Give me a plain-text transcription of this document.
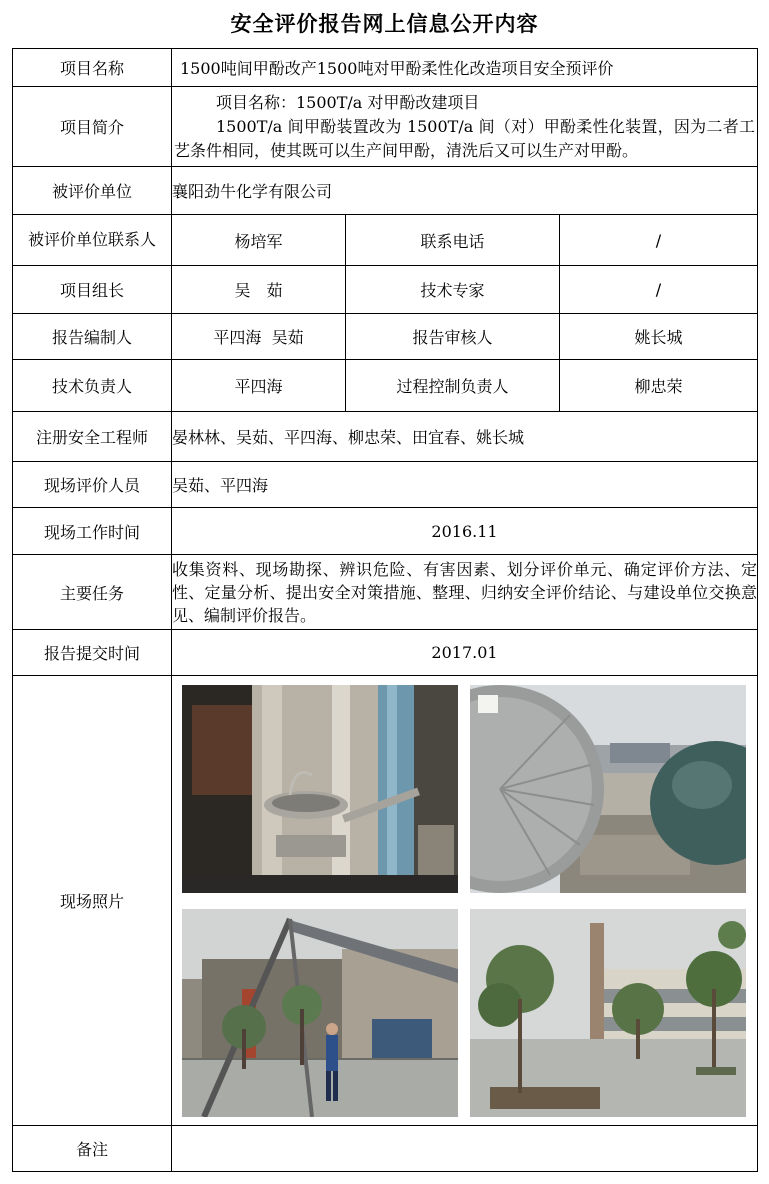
安全评价报告网上信息公开内容
项目名称	1500吨间甲酚改产1500吨对甲酚柔性化改造项目安全预评价		
项目简介	项目名称：1500T/a 对甲酚改建项目

1500T/a 间甲酚装置改为 1500T/a 间（对）甲酚柔性化装置，因为二者工艺条件相同，使其既可以生产间甲酚，清洗后又可以生产对甲酚。		

被评价单位	襄阳劲牛化学有限公司		
被评价单位联系人	杨培军	联系电话	/
项目组长	吴　茹	技术专家	/
报告编制人	平四海  吴茹	报告审核人	姚长城
技术负责人	平四海	过程控制负责人	柳忠荣
注册安全工程师	晏林林、吴茹、平四海、柳忠荣、田宜春、姚长城		
现场评价人员	吴茹、平四海		
现场工作时间	2016.11		
主要任务	收集资料、现场勘探、辨识危险、有害因素、划分评价单元、确定评价方法、定性、定量分析、提出安全对策措施、整理、归纳安全评价结论、与建设单位交换意见、编制评价报告。		
报告提交时间	2017.01		
现场照片	

备注			
